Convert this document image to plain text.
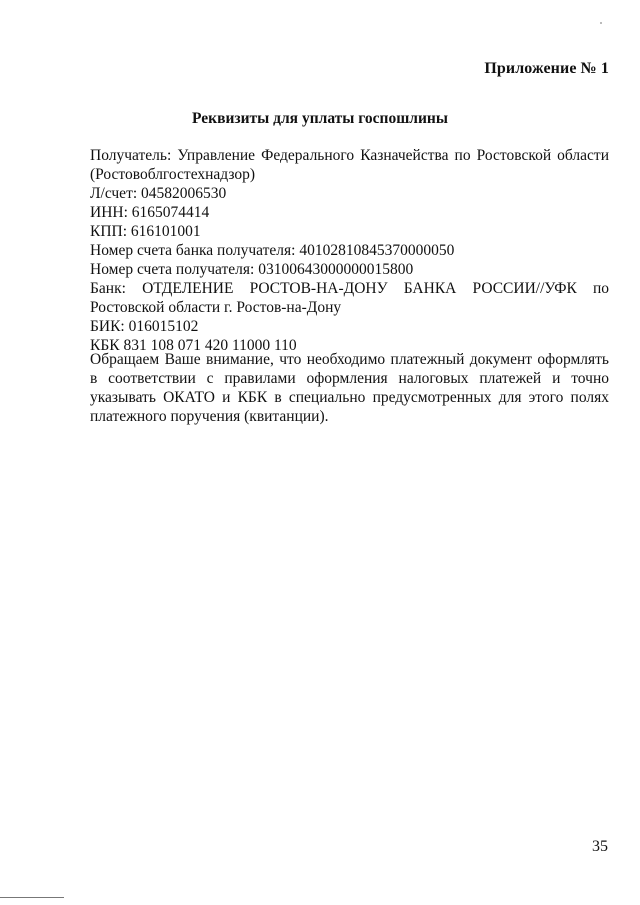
Приложение № 1
Реквизиты для уплаты госпошлины
Получатель: Управление Федерального Казначейства по Ростовской области
(Ростовоблгостехнадзор)
Л/счет: 04582006530
ИНН: 6165074414
КПП: 616101001
Номер счета банка получателя: 40102810845370000050
Номер счета получателя: 03100643000000015800
Банк: ОТДЕЛЕНИЕ РОСТОВ-НА-ДОНУ БАНКА РОССИИ//УФК по
Ростовской области г. Ростов-на-Дону
БИК: 016015102
КБК 831 108 071 420 11000 110
Обращаем Ваше внимание, что необходимо платежный документ оформлять в соответствии с правилами оформления налоговых платежей и точно указывать ОКАТО и КБК в специально предусмотренных для этого полях платежного поручения (квитанции).
35
